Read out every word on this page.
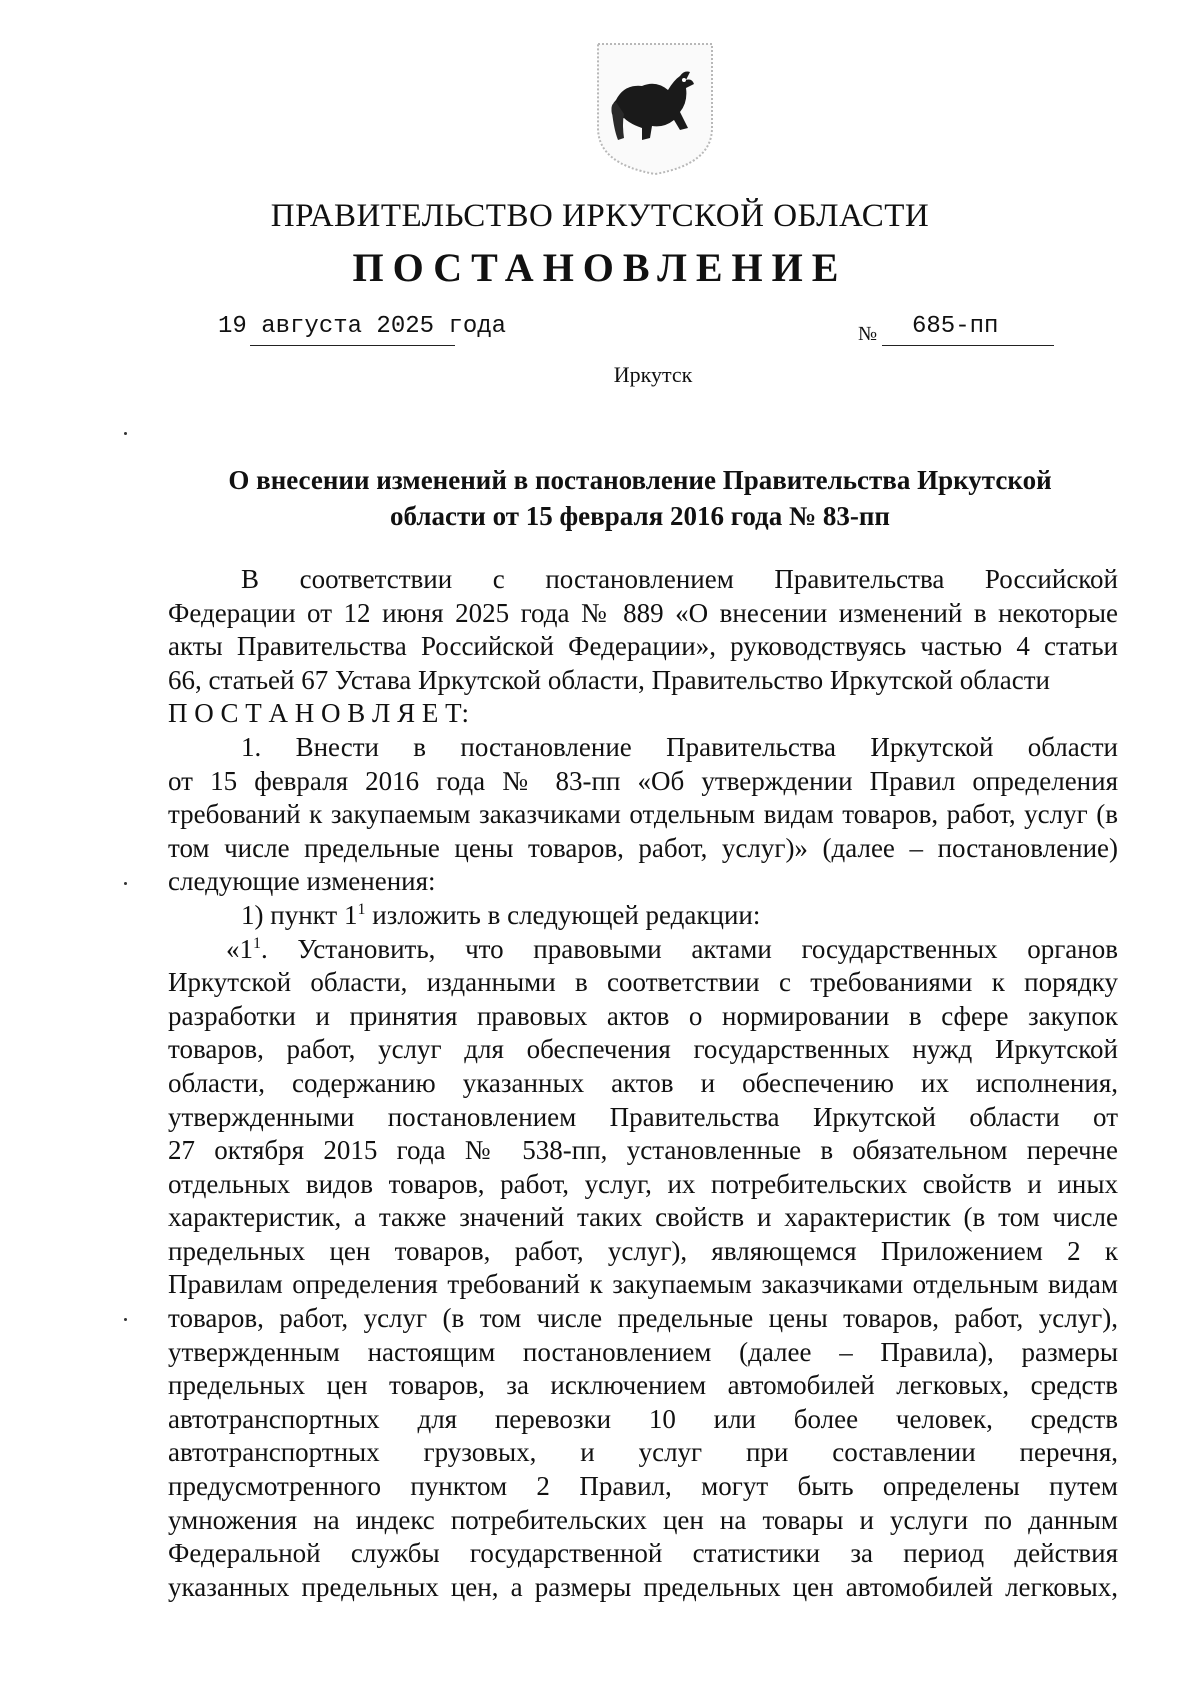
ПРАВИТЕЛЬСТВО ИРКУТСКОЙ ОБЛАСТИ
ПОСТАНОВЛЕНИЕ
19 августа 2025 года	№ 685-пп
Иркутск
О внесении изменений в постановление Правительства Иркутской
области от 15 февраля 2016 года № 83-пп
В соответствии с постановлением Правительства Российской
Федерации от 12 июня 2025 года № 889 «О внесении изменений в некоторые
акты Правительства Российской Федерации», руководствуясь частью 4 статьи
66, статьей 67 Устава Иркутской области, Правительство Иркутской области
П О С Т А Н О В Л Я Е Т:
1. Внести в постановление Правительства Иркутской области
от 15 февраля 2016 года № 83-пп «Об утверждении Правил определения
требований к закупаемым заказчиками отдельным видам товаров, работ, услуг (в
том числе предельные цены товаров, работ, услуг)» (далее – постановление)
следующие изменения:
1) пункт $1^1$ изложить в следующей редакции:
«$1^1$. Установить, что правовыми актами государственных органов
Иркутской области, изданными в соответствии с требованиями к порядку
разработки и принятия правовых актов о нормировании в сфере закупок
товаров, работ, услуг для обеспечения государственных нужд Иркутской
области, содержанию указанных актов и обеспечению их исполнения,
утвержденными постановлением Правительства Иркутской области от
27 октября 2015 года № 538-пп, установленные в обязательном перечне
отдельных видов товаров, работ, услуг, их потребительских свойств и иных
характеристик, а также значений таких свойств и характеристик (в том числе
предельных цен товаров, работ, услуг), являющемся Приложением 2 к
Правилам определения требований к закупаемым заказчиками отдельным видам
товаров, работ, услуг (в том числе предельные цены товаров, работ, услуг),
утвержденным настоящим постановлением (далее – Правила), размеры
предельных цен товаров, за исключением автомобилей легковых, средств
автотранспортных для перевозки 10 или более человек, средств
автотранспортных грузовых, и услуг при составлении перечня,
предусмотренного пунктом 2 Правил, могут быть определены путем
умножения на индекс потребительских цен на товары и услуги по данным
Федеральной службы государственной статистики за период действия
указанных предельных цен, а размеры предельных цен автомобилей легковых,
